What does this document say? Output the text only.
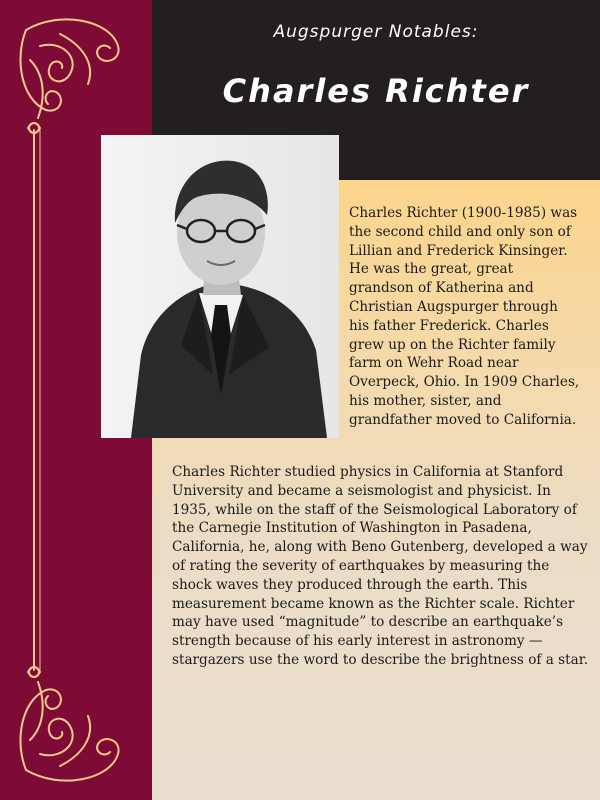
Augspurger Notables:
Charles Richter

Charles Richter (1900-1985) was the second child and only son of Lillian and Frederick Kinsinger. He was the great, great grandson of Katherina and Christian Augspurger through his father Frederick. Charles grew up on the Richter family farm on Wehr Road near Overpeck, Ohio. In 1909 Charles, his mother, sister, and grandfather moved to California.

Charles Richter studied physics in California at Stanford University and became a seismologist and physicist. In 1935, while on the staff of the Seismological Laboratory of the Carnegie Institution of Washington in Pasadena, California, he, along with Beno Gutenberg, developed a way of rating the severity of earthquakes by measuring the shock waves they produced through the earth. This measurement became known as the Richter scale. Richter may have used “magnitude” to describe an earthquake’s strength because of his early interest in astronomy — stargazers use the word to describe the brightness of a star.
